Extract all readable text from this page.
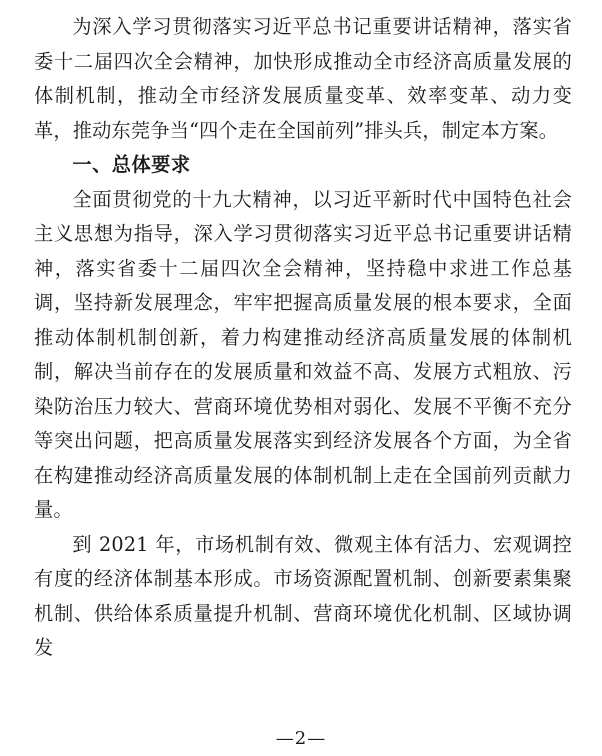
为深入学习贯彻落实习近平总书记重要讲话精神，落实省委十二届四次全会精神，加快形成推动全市经济高质量发展的体制机制，推动全市经济发展质量变革、效率变革、动力变革，推动东莞争当“四个走在全国前列”排头兵，制定本方案。

一、总体要求

全面贯彻党的十九大精神，以习近平新时代中国特色社会主义思想为指导，深入学习贯彻落实习近平总书记重要讲话精神，落实省委十二届四次全会精神，坚持稳中求进工作总基调，坚持新发展理念，牢牢把握高质量发展的根本要求，全面推动体制机制创新，着力构建推动经济高质量发展的体制机制，解决当前存在的发展质量和效益不高、发展方式粗放、污染防治压力较大、营商环境优势相对弱化、发展不平衡不充分等突出问题，把高质量发展落实到经济发展各个方面，为全省在构建推动经济高质量发展的体制机制上走在全国前列贡献力量。

到 2021 年，市场机制有效、微观主体有活力、宏观调控有度的经济体制基本形成。市场资源配置机制、创新要素集聚机制、供给体系质量提升机制、营商环境优化机制、区域协调发

—2—
